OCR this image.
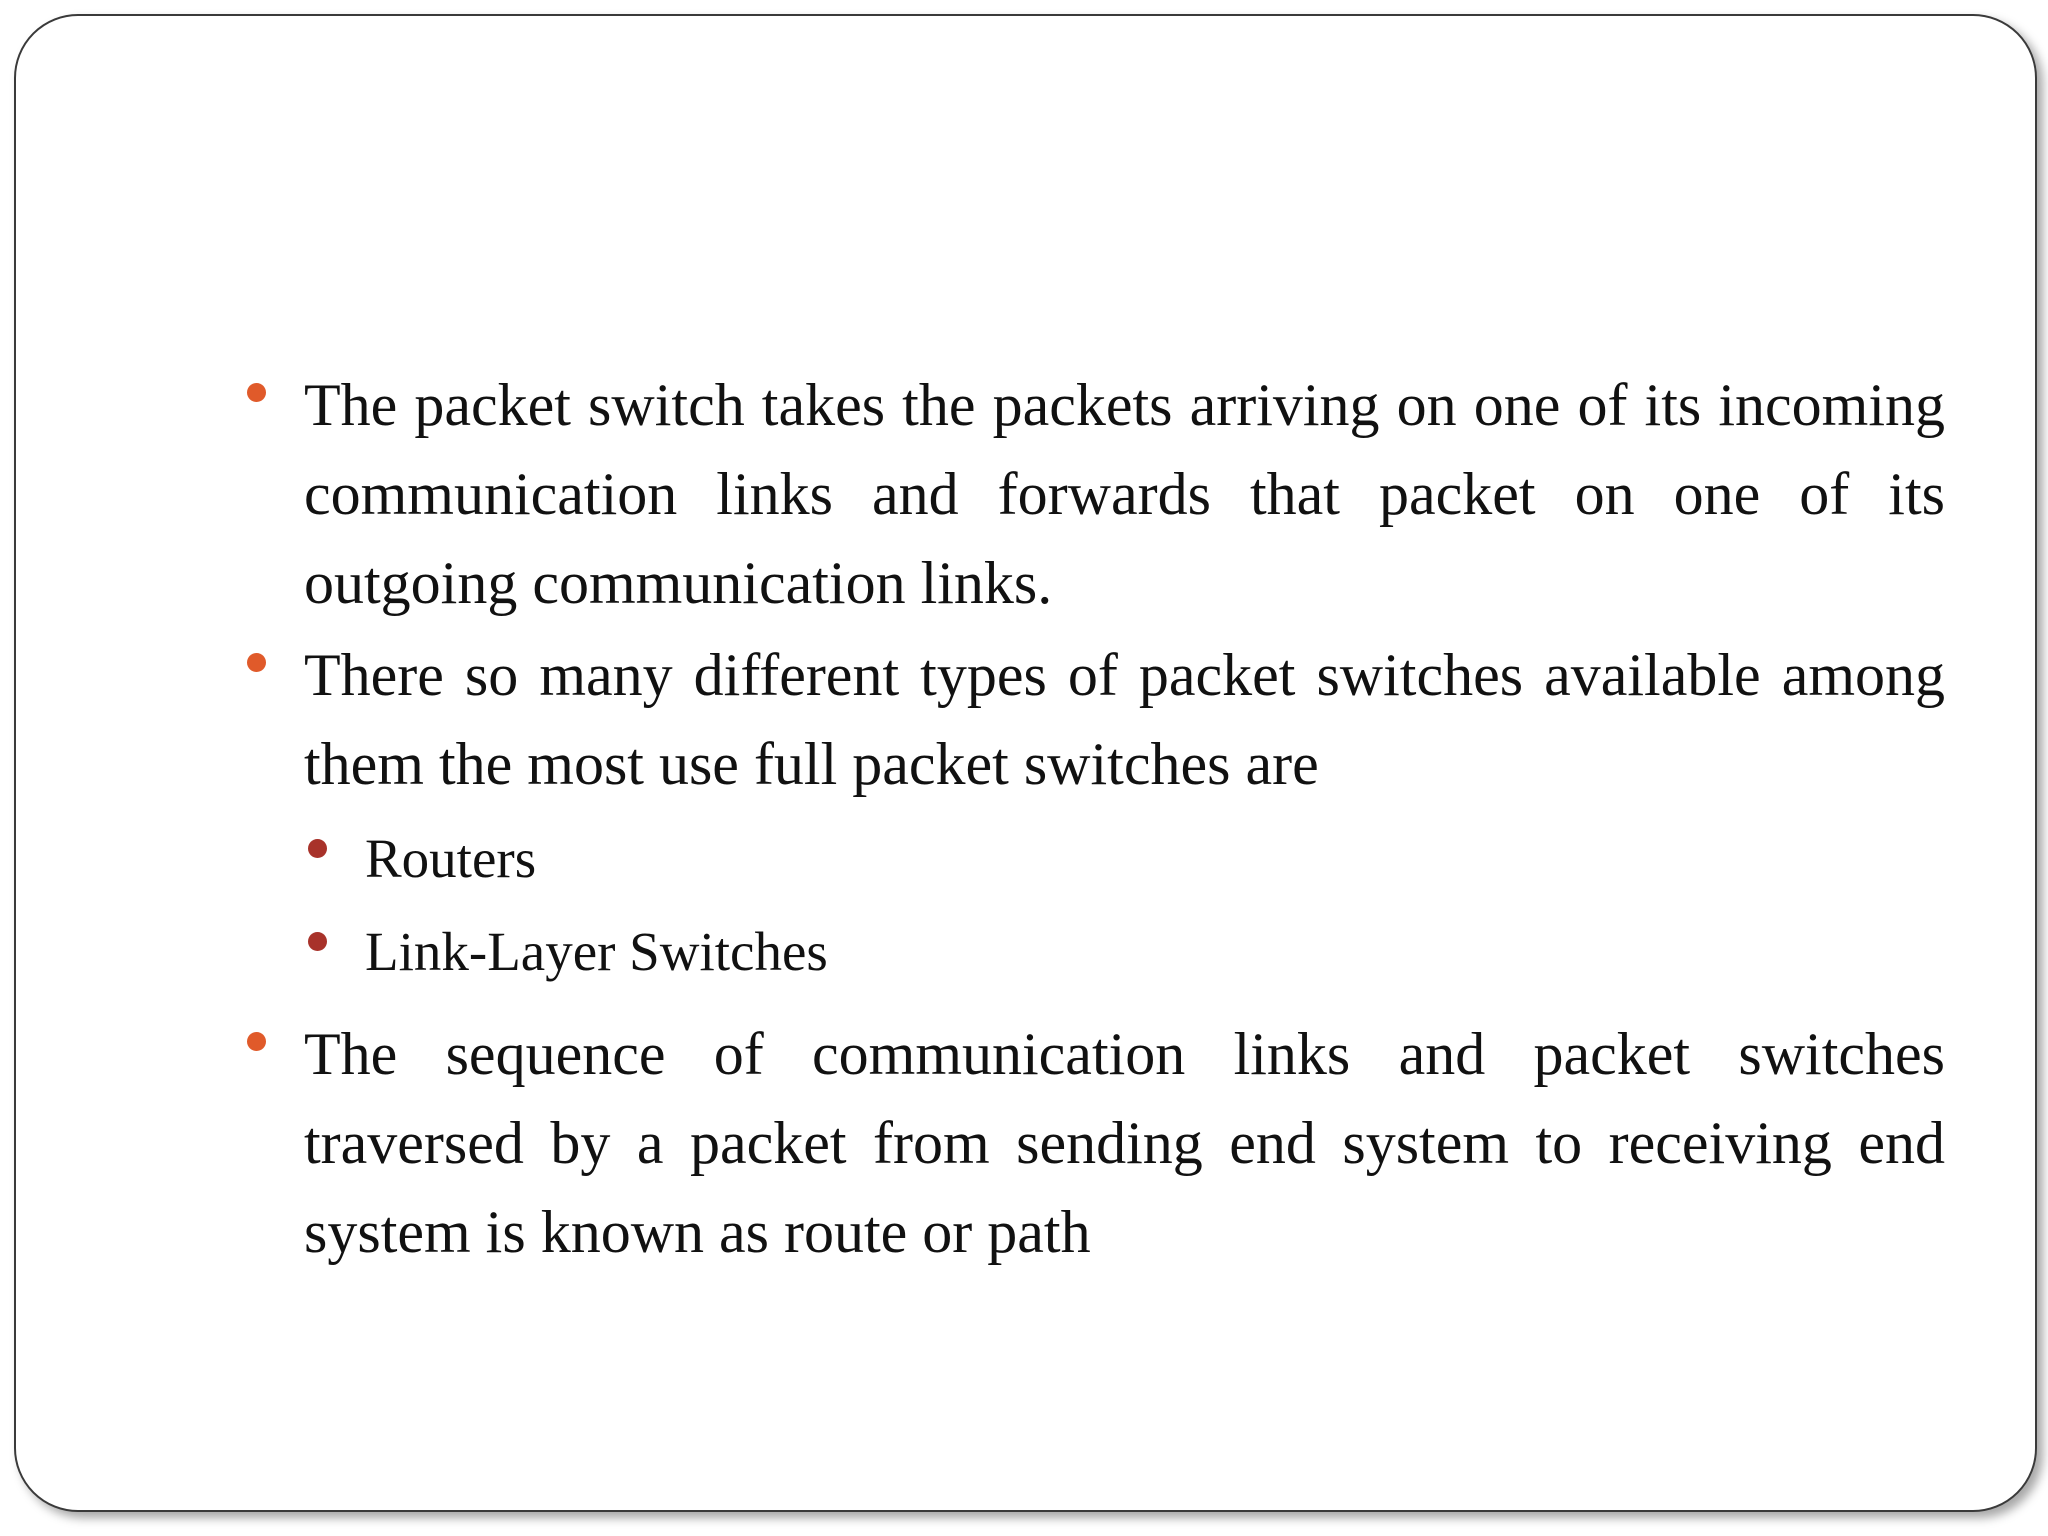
The packet switch takes the packets arriving on one of its incoming communication links and forwards that packet on one of its outgoing communication links.
There so many different types of packet switches available among them the most use full packet switches are
Routers
Link-Layer Switches
The sequence of communication links and packet switches traversed by a packet from sending end system to receiving end system is known as route or path
